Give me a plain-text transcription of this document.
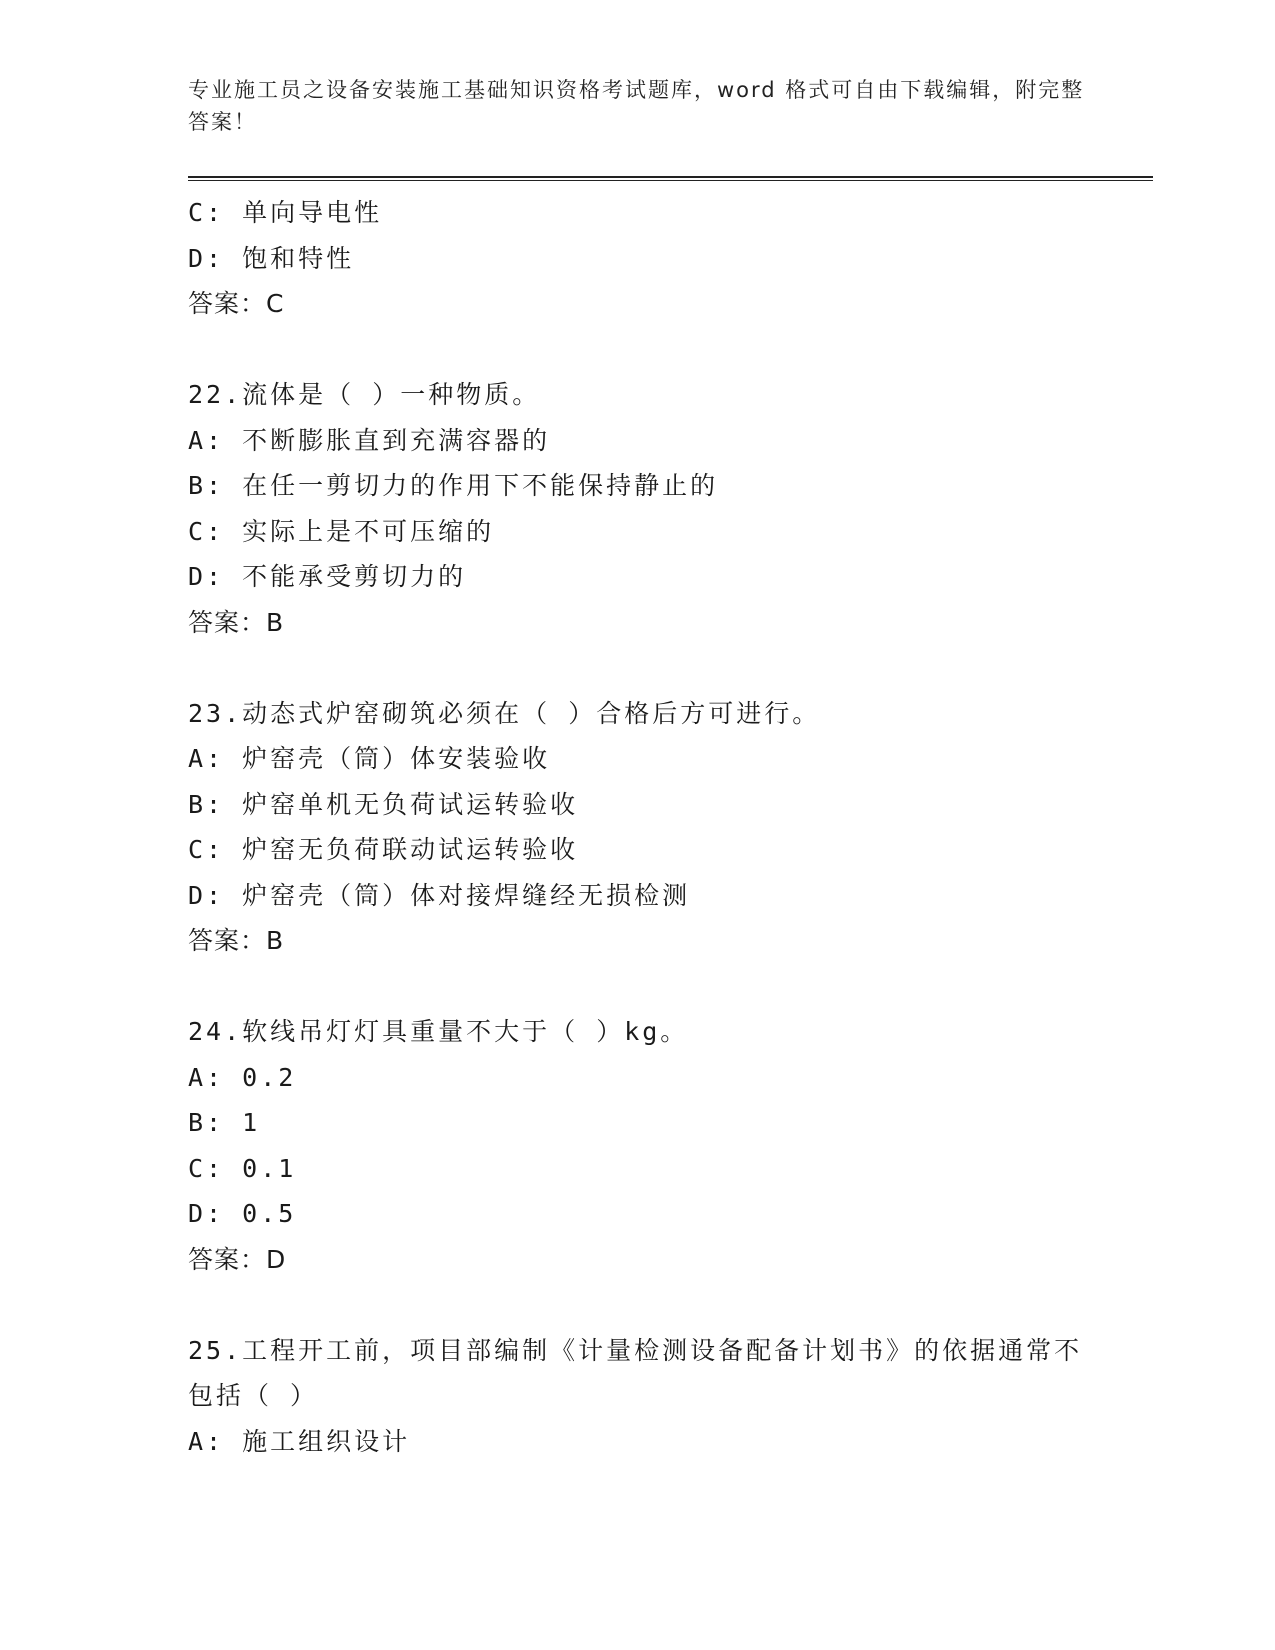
专业施工员之设备安装施工基础知识资格考试题库，word 格式可自由下载编辑，附完整答案！
C: 单向导电性
D: 饱和特性
答案：C
22.流体是（ ）一种物质。
A: 不断膨胀直到充满容器的
B: 在任一剪切力的作用下不能保持静止的
C: 实际上是不可压缩的
D: 不能承受剪切力的
答案：B
23.动态式炉窑砌筑必须在（ ）合格后方可进行。
A: 炉窑壳（筒）体安装验收
B: 炉窑单机无负荷试运转验收
C: 炉窑无负荷联动试运转验收
D: 炉窑壳（筒）体对接焊缝经无损检测
答案：B
24.软线吊灯灯具重量不大于（ ）kg。
A: 0.2
B: 1
C: 0.1
D: 0.5
答案：D
25.工程开工前，项目部编制《计量检测设备配备计划书》的依据通常不包括（ ）
A: 施工组织设计
